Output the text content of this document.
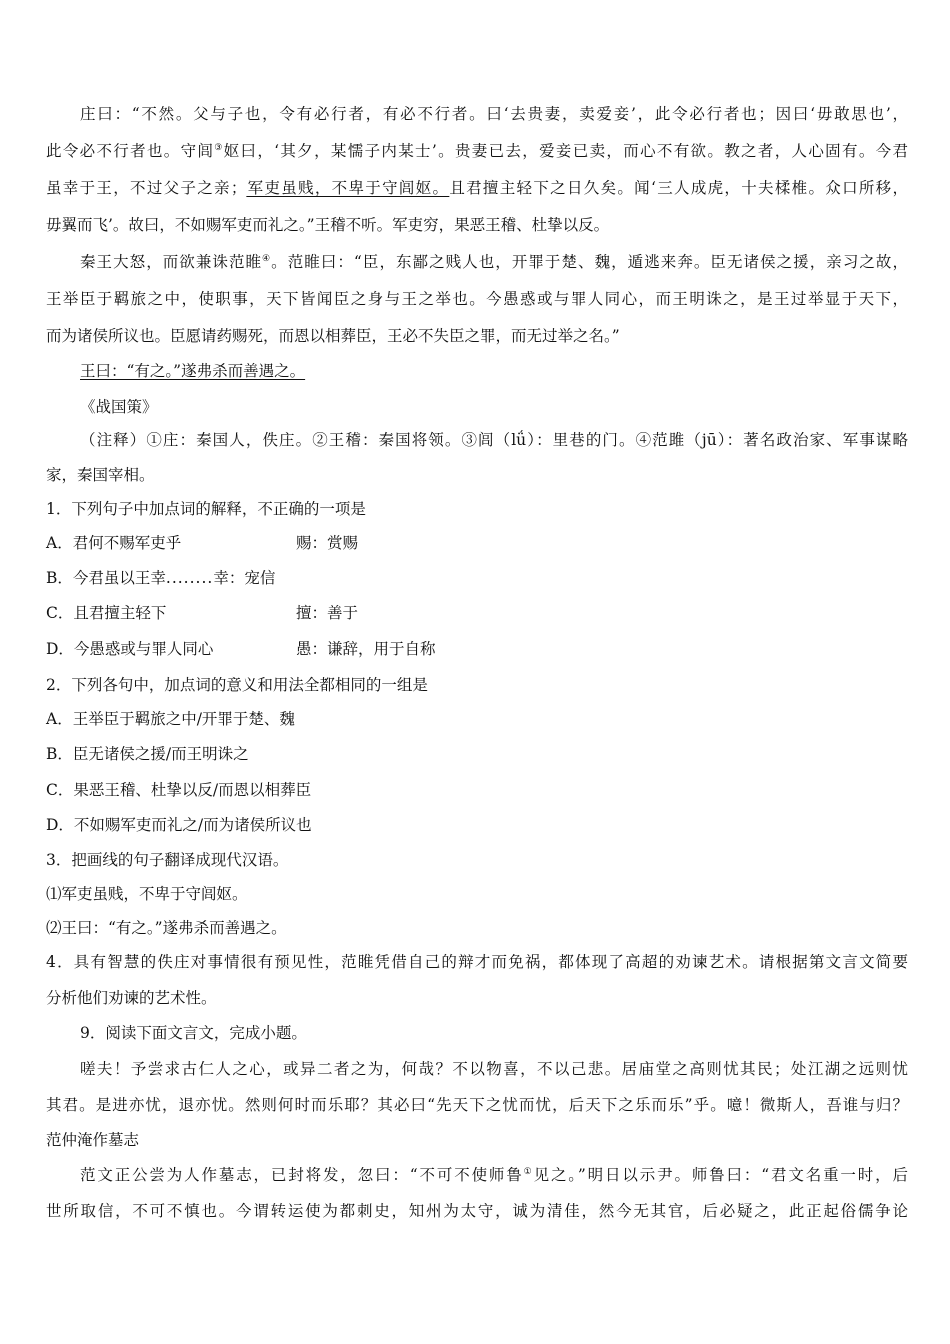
庄曰：“不然。父与子也，令有必行者，有必不行者。曰‘去贵妻，卖爱妾’，此令必行者也；因曰‘毋敢思也’，
此令必不行者也。守闾③妪曰，‘其夕，某懦子内某士’。贵妻已去，爱妾已卖，而心不有欲。教之者，人心固有。今君
虽幸于王，不过父子之亲；军吏虽贱，不卑于守闾妪。且君擅主轻下之日久矣。闻‘三人成虎，十夫楺椎。众口所移，
毋翼而飞’。故曰，不如赐军吏而礼之。”王稽不听。军吏穷，果恶王稽、杜挚以反。
秦王大怒，而欲兼诛范睢④。范睢曰：“臣，东鄙之贱人也，开罪于楚、魏，遁逃来奔。臣无诸侯之援，亲习之故，
王举臣于羁旅之中，使职事，天下皆闻臣之身与王之举也。今愚惑或与罪人同心，而王明诛之，是王过举显于天下，
而为诸侯所议也。臣愿请药赐死，而恩以相葬臣，王必不失臣之罪，而无过举之名。”
王曰：“有之。”遂弗杀而善遇之。
《战国策》
（注释）①庄：秦国人，佚庄。②王稽：秦国将领。③闾（lǘ）：里巷的门。④范雎（jū）：著名政治家、军事谋略
家，秦国宰相。
1．下列句子中加点词的解释，不正确的一项是
A．君何不赐军吏乎	赐：赏赐
B．今君虽以王幸........幸：宠信
C．且君擅主轻下	擅：善于
D．今愚惑或与罪人同心	愚：谦辞，用于自称
2．下列各句中，加点词的意义和用法全都相同的一组是
A．王举臣于羁旅之中/开罪于楚、魏
B．臣无诸侯之援/而王明诛之
C．果恶王稽、杜挚以反/而恩以相葬臣
D．不如赐军吏而礼之/而为诸侯所议也
3．把画线的句子翻译成现代汉语。
⑴军吏虽贱，不卑于守闾妪。
⑵王曰：“有之。”遂弗杀而善遇之。
4．具有智慧的佚庄对事情很有预见性，范睢凭借自己的辩才而免祸，都体现了高超的劝谏艺术。请根据第文言文简要
分析他们劝谏的艺术性。
9．阅读下面文言文，完成小题。
嗟夫！予尝求古仁人之心，或异二者之为，何哉？不以物喜，不以己悲。居庙堂之高则忧其民；处江湖之远则忧
其君。是进亦忧，退亦忧。然则何时而乐耶？其必曰“先天下之忧而忧，后天下之乐而乐”乎。噫！微斯人，吾谁与归？
范仲淹作墓志
范文正公尝为人作墓志，已封将发，忽曰：“不可不使师鲁①见之。”明日以示尹。师鲁曰：“君文名重一时，后
世所取信，不可不慎也。今谓转运使为都刺史，知州为太守，诚为清佳，然今无其官，后必疑之，此正起俗儒争论
